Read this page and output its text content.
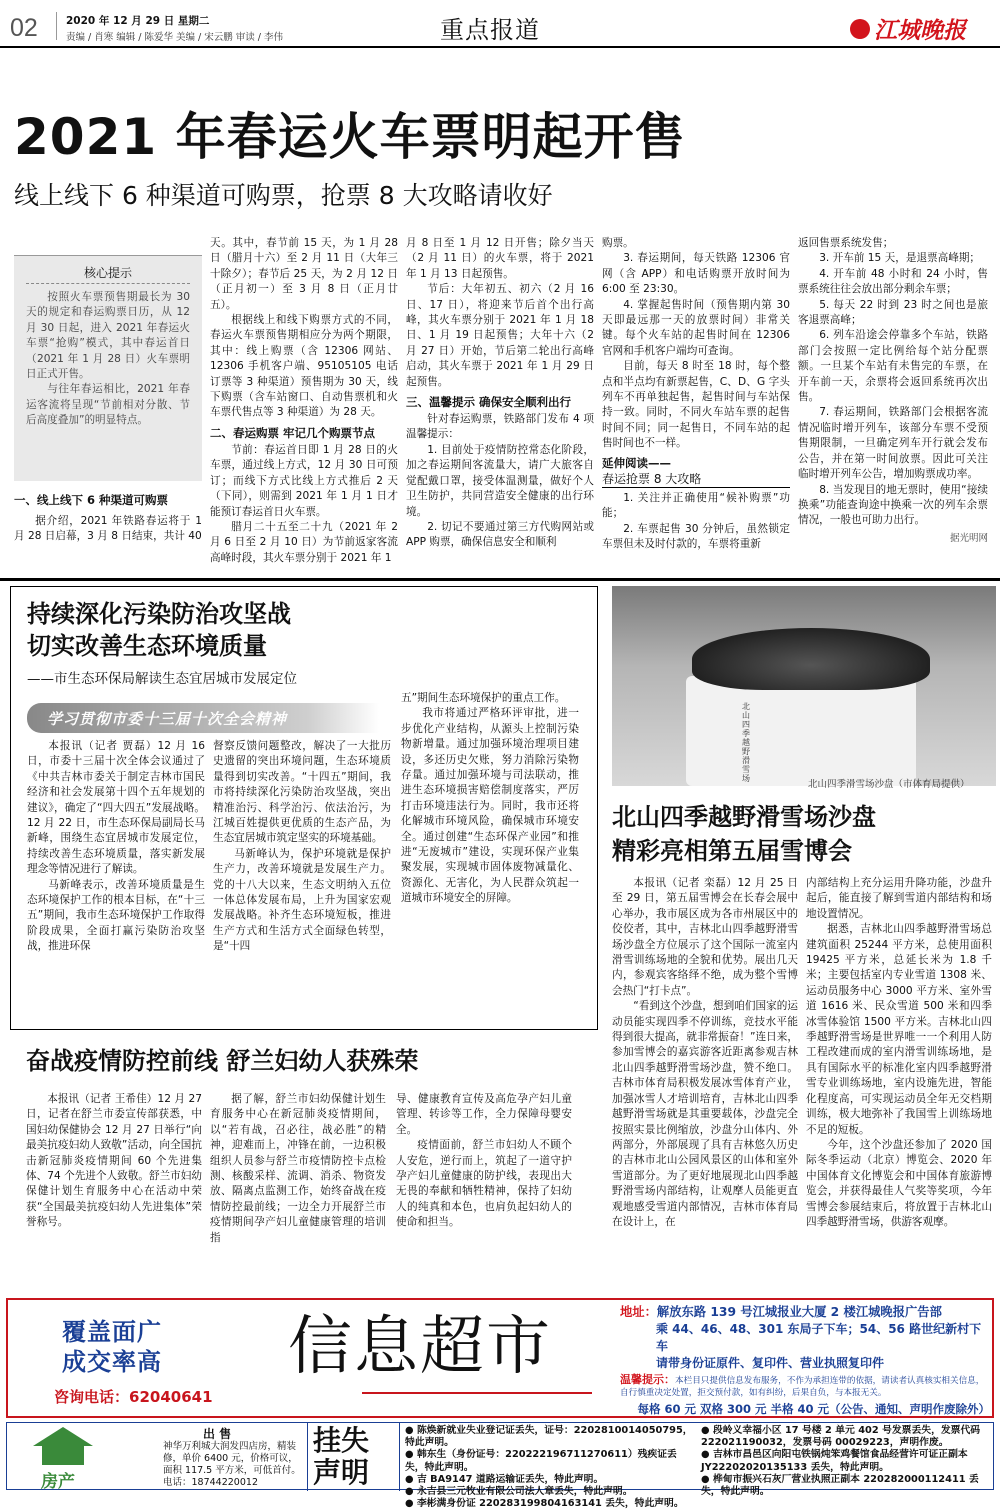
02	2020 年 12 月 29 日 星期二
责编 / 肖寒 编辑 / 陈爱华 美编 / 宋云鹏 审读 / 李伟	重点报道	江城晚报
2021 年春运火车票明起开售
线上线下 6 种渠道可购票，抢票 8 大攻略请收好
核心提示

按照火车票预售期最长为 30 天的规定和春运购票日历，从 12 月 30 日起，进入 2021 年春运火车票“抢购”模式，其中春运首日（2021 年 1 月 28 日）火车票明日正式开售。

与往年春运相比，2021 年春运客流将呈现“节前相对分散、节后高度叠加”的明显特点。

一、线上线下 6 种渠道可购票

据介绍，2021 年铁路春运将于 1 月 28 日启幕，3 月 8 日结束，共计 40

天。其中，春节前 15 天，为 1 月 28 日（腊月十六）至 2 月 11 日（大年三十除夕）；春节后 25 天，为 2 月 12 日（正月初一）至 3 月 8 日（正月廿五）。

根据线上和线下购票方式的不同，春运火车票预售期相应分为两个期限，其中：线上购票（含 12306 网站、12306 手机客户端、95105105 电话订票等 3 种渠道）预售期为 30 天，线下购票（含车站窗口、自动售票机和火车票代售点等 3 种渠道）为 28 天。

二、春运购票 牢记几个购票节点

节前：春运首日即 1 月 28 日的火车票，通过线上方式，12 月 30 日可预订；而线下方式比线上方式推后 2 天（下同），则需到 2021 年 1 月 1 日才能预订春运首日火车票。

腊月二十五至二十九（2021 年 2 月 6 日至 2 月 10 日）为节前返家客流高峰时段，其火车票分别于 2021 年 1

月 8 日至 1 月 12 日开售；除夕当天（2 月 11 日）的火车票，将于 2021 年 1 月 13 日起预售。

节后：大年初五、初六（2 月 16 日、17 日），将迎来节后首个出行高峰，其火车票分别于 2021 年 1 月 18 日、1 月 19 日起预售；大年十六（2 月 27 日）开始，节后第二轮出行高峰启动，其火车票于 2021 年 1 月 29 日起预售。

三、温馨提示 确保安全顺利出行

针对春运购票，铁路部门发布 4 项温馨提示：

1. 目前处于疫情防控常态化阶段，加之春运期间客流量大，请广大旅客自觉配戴口罩，接受体温测量，做好个人卫生防护，共同营造安全健康的出行环境。

2. 切记不要通过第三方代购网站或 APP 购票，确保信息安全和顺利

购票。

3. 春运期间，每天铁路 12306 官网（含 APP）和电话购票开放时间为 6:00 至 23:30。

4. 掌握起售时间（预售期内第 30 天即最远那一天的放票时间）非常关键。每个火车站的起售时间在 12306 官网和手机客户端均可查询。

目前，每天 8 时至 18 时，每个整点和半点均有新票起售，C、D、G 字头列车不再单独起售，起售时间与车站保持一致。同时，不同火车站车票的起售时间不同；同一起售日，不同车站的起售时间也不一样。

延伸阅读——

春运抢票 8 大攻略

1. 关注并正确使用“候补购票”功能；

2. 车票起售 30 分钟后，虽然锁定车票但未及时付款的，车票将重新

返回售票系统发售；

3. 开车前 15 天，是退票高峰期；

4. 开车前 48 小时和 24 小时，售票系统往往会放出部分剩余车票；

5. 每天 22 时到 23 时之间也是旅客退票高峰；

6. 列车沿途会停靠多个车站，铁路部门会按照一定比例给每个站分配票额。一旦某个车站有未售完的车票，在开车前一天，余票将会返回系统再次出售。

7. 春运期间，铁路部门会根据客流情况临时增开列车，该部分车票不受预售期限制，一旦确定列车开行就会发布公告，并在第一时间放票。因此可关注临时增开列车公告，增加购票成功率。

8. 当发现目的地无票时，使用“接续换乘”功能查询途中换乘一次的列车余票情况，一般也可助力出行。

据光明网
持续深化污染防治攻坚战
切实改善生态环境质量
——市生态环保局解读生态宜居城市发展定位
学习贯彻市委十三届十次全会精神

本报讯（记者 贾磊）12 月 16 日，市委十三届十次全体会议通过了《中共吉林市委关于制定吉林市国民经济和社会发展第十四个五年规划的建议》，确定了“四大四五”发展战略。12 月 22 日，市生态环保局副局长马新峰，围绕生态宜居城市发展定位，持续改善生态环境质量，落实新发展理念等情况进行了解读。

马新峰表示，改善环境质量是生态环境保护工作的根本目标，在“十三五”期间，我市生态环境保护工作取得阶段成果，全面打赢污染防治攻坚战，推进环保

督察反馈问题整改，解决了一大批历史遗留的突出环境问题，生态环境质量得到切实改善。“十四五”期间，我市将持续深化污染防治攻坚战，突出精准治污、科学治污、依法治污，为江城百姓提供更优质的生态产品，为生态宜居城市筑定坚实的环境基础。

马新峰认为，保护环境就是保护生产力，改善环境就是发展生产力。党的十八大以来，生态文明纳入五位一体总体发展布局，上升为国家宏观发展战略。补齐生态环境短板，推进生产方式和生活方式全面绿色转型，是“十四

五”期间生态环境保护的重点工作。

我市将通过严格环评审批，进一步优化产业结构，从源头上控制污染物新增量。通过加强环境治理项目建设，多还历史欠账，努力消除污染物存量。通过加强环境与司法联动，推进生态环境损害赔偿制度落实，严厉打击环境违法行为。同时，我市还将化解城市环境风险，确保城市环境安全。通过创建“生态环保产业园”和推进“无废城市”建设，实现环保产业集聚发展，实现城市固体废物减量化、资源化、无害化，为人民群众筑起一道城市环境安全的屏障。

奋战疫情防控前线 舒兰妇幼人获殊荣

本报讯（记者 王希佳）12 月 27 日，记者在舒兰市委宣传部获悉，中国妇幼保健协会 12 月 27 日举行“向最美抗疫妇幼人致敬”活动，向全国抗击新冠肺炎疫情期间 60 个先进集体、74 个先进个人致敬。舒兰市妇幼保健计划生育服务中心在活动中荣获“全国最美抗疫妇幼人先进集体”荣誉称号。

据了解，舒兰市妇幼保健计划生育服务中心在新冠肺炎疫情期间，以“若有战，召必往，战必胜”的精神，迎难而上，冲锋在前，一边积极组织人员参与舒兰市疫情防控卡点检测、核酸采样、流调、消杀、物资发放、隔离点监测工作，始终奋战在疫情防控最前线；一边全力开展舒兰市疫情期间孕产妇儿童健康管理的培训指

导、健康教育宣传及高危孕产妇儿童管理、转诊等工作，全力保障母婴安全。

疫情面前，舒兰市妇幼人不顾个人安危，逆行而上，筑起了一道守护孕产妇儿童健康的防护线，表现出大无畏的奉献和牺牲精神，保持了妇幼人的纯真和本色，也肩负起妇幼人的使命和担当。

北山四季越野滑雪场
北山四季滑雪场沙盘（市体育局提供）
北山四季越野滑雪场沙盘
精彩亮相第五届雪博会

本报讯（记者 栾磊）12 月 25 日至 29 日，第五届雪博会在长春会展中心举办，我市展区成为各市州展区中的佼佼者，其中，吉林北山四季越野滑雪场沙盘全方位展示了这个国际一流室内滑雪训练场地的全貌和优势。展出几天内，参观宾客络绎不绝，成为整个雪博会热门“打卡点”。

“看到这个沙盘，想到咱们国家的运动员能实现四季不停训练，竞技水平能得到很大提高，就非常振奋！”连日来，参加雪博会的嘉宾游客近距离参观吉林北山四季越野滑雪场沙盘，赞不绝口。吉林市体育局积极发展冰雪体育产业，加强冰雪人才培训培育，吉林北山四季越野滑雪场就是其重要载体，沙盘完全按照实景比例缩放，沙盘分山体内、外两部分，外部展现了具有吉林悠久历史的吉林市北山公园风景区的山体和室外雪道部分。为了更好地展现北山四季越野滑雪场内部结构，让观摩人员能更直观地感受雪道内部情况，吉林市体育局在设计上，在

内部结构上充分运用升降功能，沙盘升起后，能直接了解到雪道内部结构和场地设置情况。

据悉，吉林北山四季越野滑雪场总建筑面积 25244 平方米，总使用面积 19425 平方米，总延长米为 1.8 千米；主要包括室内专业雪道 1308 米、运动员服务中心 3000 平方米、室外雪道 1616 米、民众雪道 500 米和四季冰雪体验馆 1500 平方米。吉林北山四季越野滑雪场是世界唯一一个利用人防工程改建而成的室内滑雪训练场地，是具有国际水平的标准化室内四季越野滑雪专业训练场地，室内设施先进，智能化程度高，可实现运动员全年无交档期训练，极大地弥补了我国雪上训练场地不足的短板。

今年，这个沙盘还参加了 2020 国际冬季运动（北京）博览会、2020 年中国体育文化博览会和中国体育旅游博览会，并获得最佳人气奖等奖项，今年雪博会参展结束后，将放置于吉林北山四季越野滑雪场，供游客观摩。

覆盖面广
成交率高
咨询电话：62040641
信息超市	地址：解放东路 139 号江城报业大厦 2 楼江城晚报广告部
乘 44、46、48、301 东局子下车；54、56 路世纪新村下车
请带身份证原件、复印件、营业执照复印件
温馨提示：本栏目只提供信息发布服务，不作为承担连带的依据，请读者认真核实相关信息，自行慎重决定处置，拒交预付款，如有纠纷，后果自负，与本报无关。
每格 60 元 双格 300 元 半格 40 元（公告、通知、声明作废除外）
房产
出 售
神华万利城大润发四店房，精装修，单价 6400 元，价格可议，面积 117.5 平方米，可低首付。电话：18744220012
挂失
声明
● 陈焕新就业失业登记证丢失，证号：2202810014050795，特此声明。
● 韩东生（身份证号：220222196711270611）残疾证丢失，特此声明。
● 吉 BA9147 道路运输证丢失，特此声明。
● 永吉县三元牧业有限公司法人章丢失，特此声明。
● 李彬满身份证 220283199804163141 丢失，特此声明。
● 段岭义幸福小区 17 号楼 2 单元 402 号发票丢失，发票代码 222021190032，发票号码 00029223，声明作废。
● 吉林市昌邑区向阳屯铁锅炖笨鸡餐馆食品经营许可证正副本 JY22202020135133 丢失，特此声明。
● 桦甸市振兴石灰厂营业执照正副本 220282000112411 丢失，特此声明。
